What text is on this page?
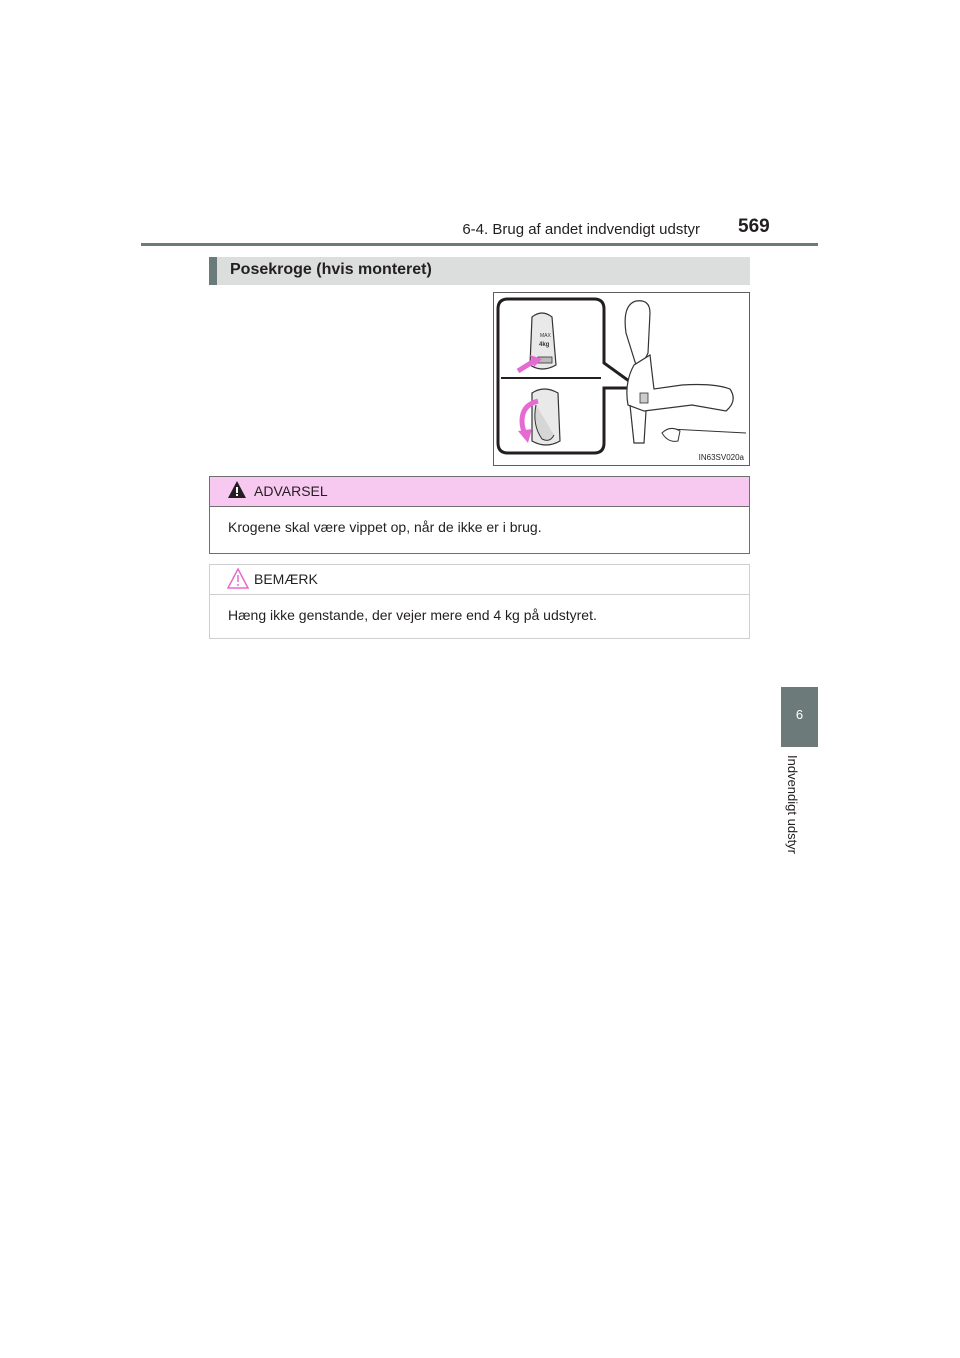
6-4. Brug af andet indvendigt udstyr 569
Posekroge (hvis monteret)
MAX
4kg
IN63SV020a
ADVARSEL
Krogene skal være vippet op, når de ikke er i brug.
BEMÆRK
Hæng ikke genstande, der vejer mere end 4 kg på udstyret.
6
Indvendigt udstyr
